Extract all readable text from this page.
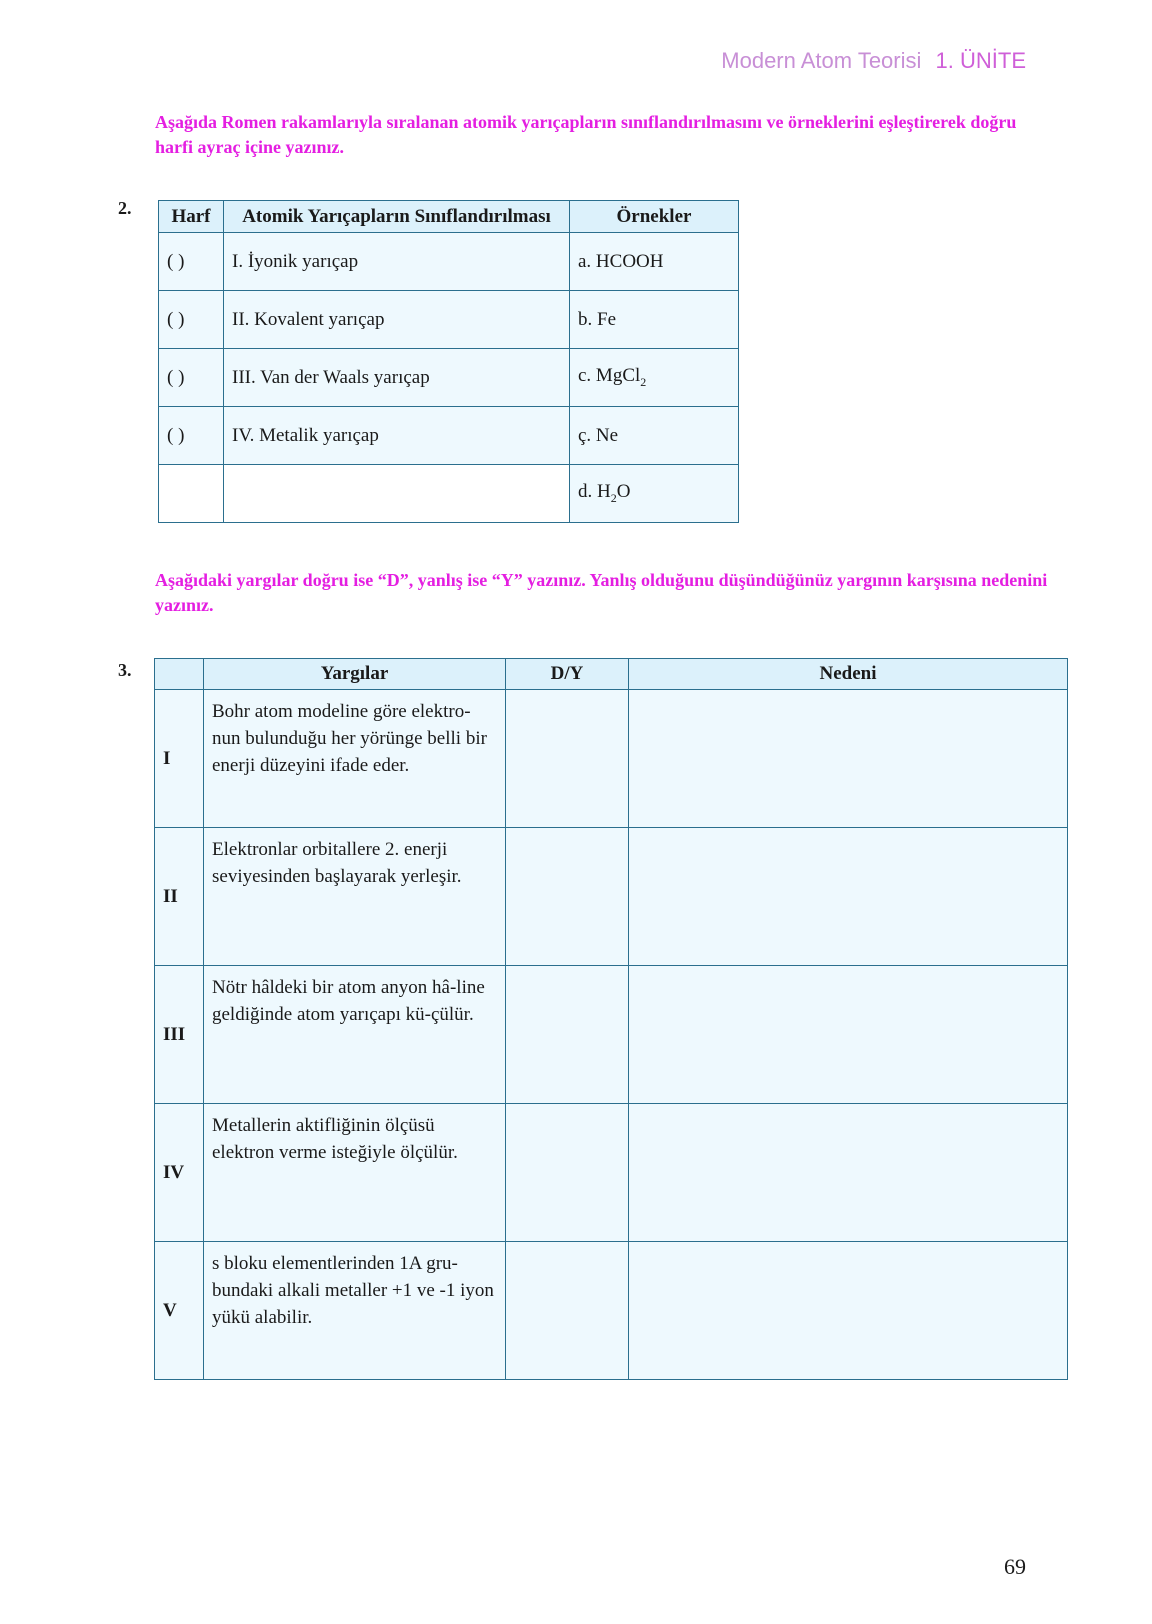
Modern Atom Teorisi 1. ÜNİTE
Aşağıda Romen rakamlarıyla sıralanan atomik yarıçapların sınıflandırılmasını ve örneklerini eşleştirerek doğru harfi ayraç içine yazınız.
2. Harf	Atomik Yarıçapların Sınıflandırılması	Örnekler
( )	I. İyonik yarıçap	a. HCOOH
( )	II. Kovalent yarıçap	b. Fe
( )	III. Van der Waals yarıçap	c. MgCl$_2$
( )	IV. Metalik yarıçap	ç. Ne
		d. $H_2O$
Aşağıdaki yargılar doğru ise “D”, yanlış ise “Y” yazınız. Yanlış olduğunu düşündüğünüz yargının karşısına nedenini yazınız.
3.
		Yargılar	D/Y	Nedeni
I	Bohr atom modeline göre elektro-nun bulunduğu her yörünge belli bir enerji düzeyini ifade eder.		
II	Elektronlar orbitallere 2. enerji seviyesinden başlayarak yerleşir.		
III	Nötr hâldeki bir atom anyon hâ-line geldiğinde atom yarıçapı kü-çülür.		
IV	Metallerin aktifliğinin ölçüsü elektron verme isteğiyle ölçülür.		
V	s bloku elementlerinden 1A gru-bundaki alkali metaller +1 ve -1 iyon yükü alabilir.		
69
